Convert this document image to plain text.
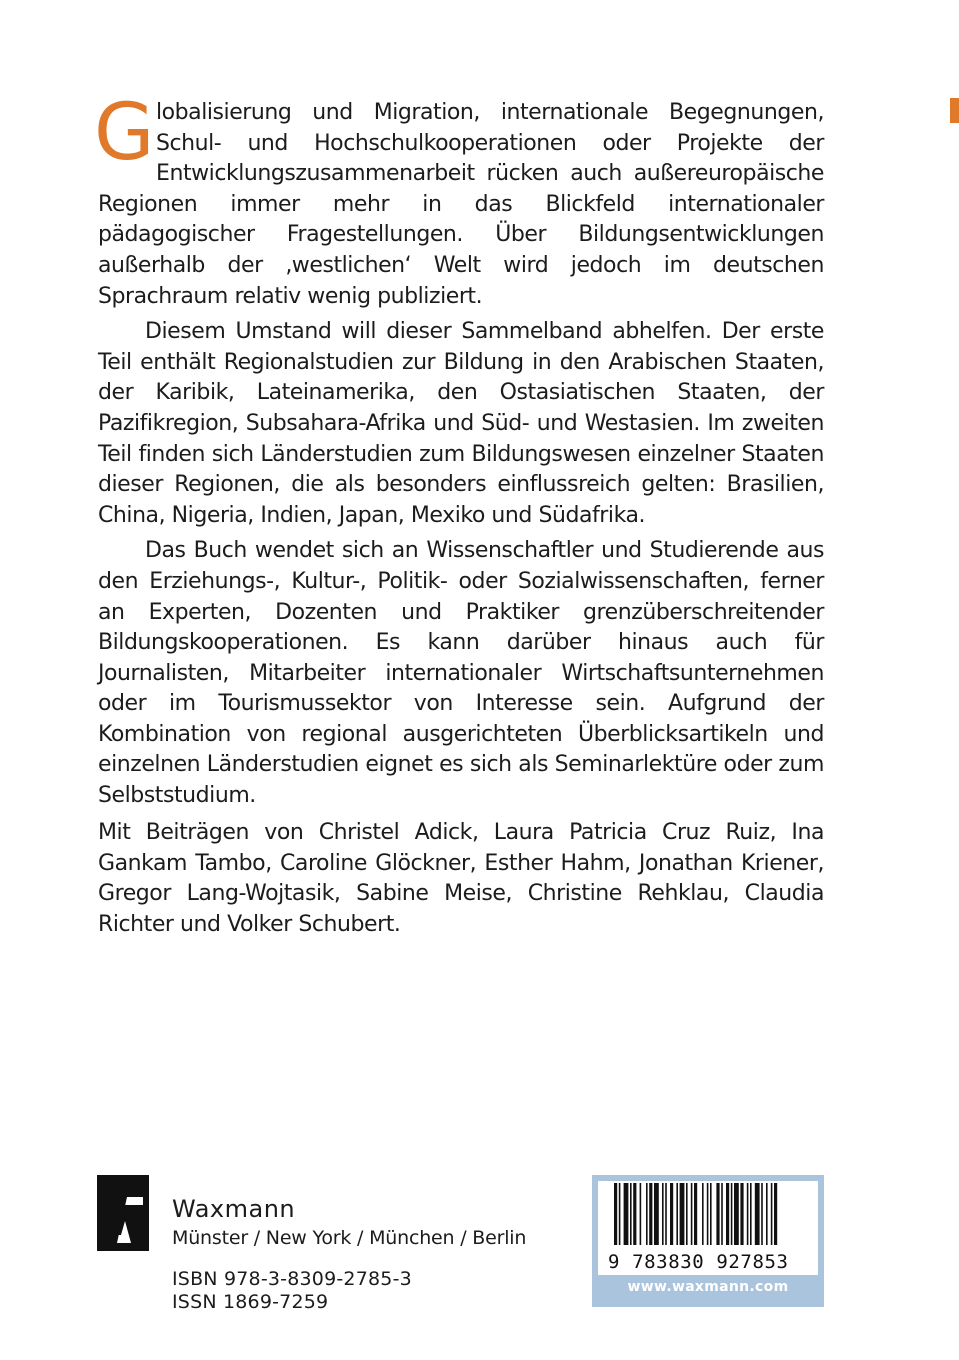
Globalisierung und Migration, internationale Begegnungen, Schul- und Hochschulkooperationen oder Projekte der Entwicklungszusammenarbeit rücken auch außereuropäische Regionen immer mehr in das Blickfeld internationaler pädagogischer Fragestellungen. Über Bildungsentwicklungen außerhalb der ‚westlichen‘ Welt wird jedoch im deutschen Sprachraum relativ wenig publiziert.

Diesem Umstand will dieser Sammelband abhelfen. Der erste Teil enthält Regionalstudien zur Bildung in den Arabischen Staaten, der Karibik, Lateinamerika, den Ostasiatischen Staaten, der Pazifikregion, Subsahara-Afrika und Süd- und Westasien. Im zweiten Teil finden sich Länderstudien zum Bildungswesen einzelner Staaten dieser Regionen, die als besonders einflussreich gelten: Brasilien, China, Nigeria, Indien, Japan, Mexiko und Südafrika.

Das Buch wendet sich an Wissenschaftler und Studierende aus den Erziehungs-, Kultur-, Politik- oder Sozialwissenschaften, ferner an Experten, Dozenten und Praktiker grenzüberschreitender Bildungskooperationen. Es kann darüber hinaus auch für Journalisten, Mitarbeiter internationaler Wirtschaftsunternehmen oder im Tourismussektor von Interesse sein. Aufgrund der Kombination von regional ausgerichteten Überblicksartikeln und einzelnen Länderstudien eignet es sich als Seminarlektüre oder zum Selbststudium.

Mit Beiträgen von Christel Adick, Laura Patricia Cruz Ruiz, Ina Gankam Tambo, Caroline Glöckner, Esther Hahm, Jonathan Kriener, Gregor Lang-Wojtasik, Sabine Meise, Christine Rehklau, Claudia Richter und Volker Schubert.

Waxmann
Münster / New York / München / Berlin
ISBN 978-3-8309-2785-3
ISSN 1869-7259
9 783830 927853
www.waxmann.com
